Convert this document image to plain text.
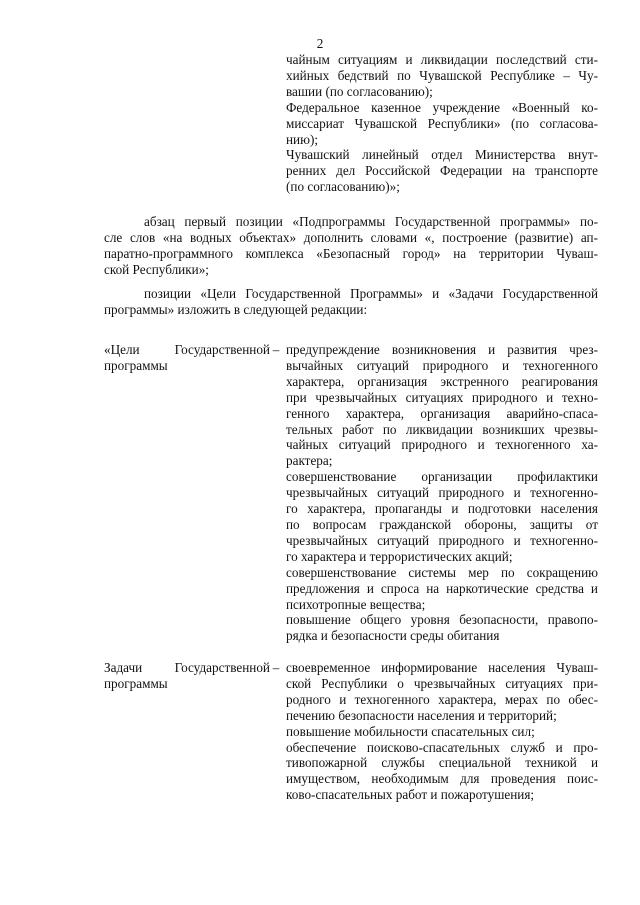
2

чайным ситуациям и ликвидации последствий сти-
хийных бедствий по Чувашской Республике – Чу-
вашии (по согласованию);
Федеральное казенное учреждение «Военный ко-
миссариат Чувашской Республики» (по согласова-
нию);
Чувашский линейный отдел Министерства внут-
ренних дел Российской Федерации на транспорте
(по согласованию)»;
абзац первый позиции «Подпрограммы Государственной программы» по-
сле слов «на водных объектах» дополнить словами «, построение (развитие) ап-
паратно-программного комплекса «Безопасный город» на территории Чуваш-
ской Республики»;
позиции «Цели Государственной Программы» и «Задачи Государственной
программы» изложить в следующей редакции:
«Цели Государственной
программы
– предупреждение возникновения и развития чрез-
вычайных ситуаций природного и техногенного
характера, организация экстренного реагирования
при чрезвычайных ситуациях природного и техно-
генного характера, организация аварийно-спаса-
тельных работ по ликвидации возникших чрезвы-
чайных ситуаций природного и техногенного ха-
рактера;
совершенствование организации профилактики
чрезвычайных ситуаций природного и техногенно-
го характера, пропаганды и подготовки населения
по вопросам гражданской обороны, защиты от
чрезвычайных ситуаций природного и техногенно-
го характера и террористических акций;
совершенствование системы мер по сокращению
предложения и спроса на наркотические средства и
психотропные вещества;
повышение общего уровня безопасности, правопо-
рядка и безопасности среды обитания
Задачи Государственной
программы
– своевременное информирование населения Чуваш-
ской Республики о чрезвычайных ситуациях при-
родного и техногенного характера, мерах по обес-
печению безопасности населения и территорий;
повышение мобильности спасательных сил;
обеспечение поисково-спасательных служб и про-
тивопожарной службы специальной техникой и
имуществом, необходимым для проведения поис-
ково-спасательных работ и пожаротушения;
